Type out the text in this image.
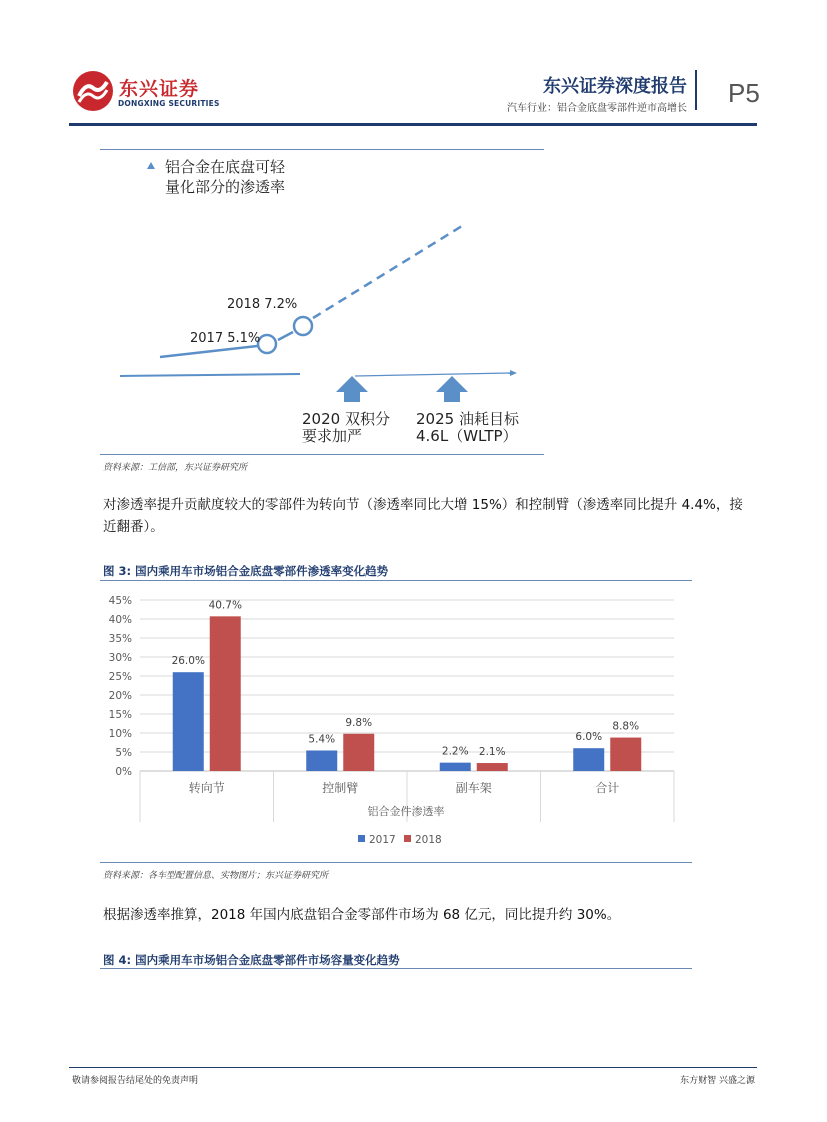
东兴证券
DONGXING SECURITIES
东兴证券深度报告
汽车行业：铝合金底盘零部件逆市高增长
P5
铝合金在底盘可轻
量化部分的渗透率
2018 7.2%
2017 5.1%
2020 双积分
要求加严
2025 油耗目标
4.6L（WLTP）
资料来源：工信部，东兴证券研究所
对渗透率提升贡献度较大的零部件为转向节（渗透率同比大增 15%）和控制臂（渗透率同比提升 4.4%，接近翻番）。
图 3: 国内乘用车市场铝合金底盘零部件渗透率变化趋势
0%
5%
10%
15%
20%
25%
30%
35%
40%
45%
26.0%
5.4%
2.2%
6.0%
40.7%
9.8%
2.1%
8.8%
转向节	控制臂	副车架	合计
铝合金件渗透率
2017 2018
资料来源：各车型配置信息、实物图片；东兴证券研究所
根据渗透率推算，2018 年国内底盘铝合金零部件市场为 68 亿元，同比提升约 30%。
图 4: 国内乘用车市场铝合金底盘零部件市场容量变化趋势
敬请参阅报告结尾处的免责声明	东方财智 兴盛之源
